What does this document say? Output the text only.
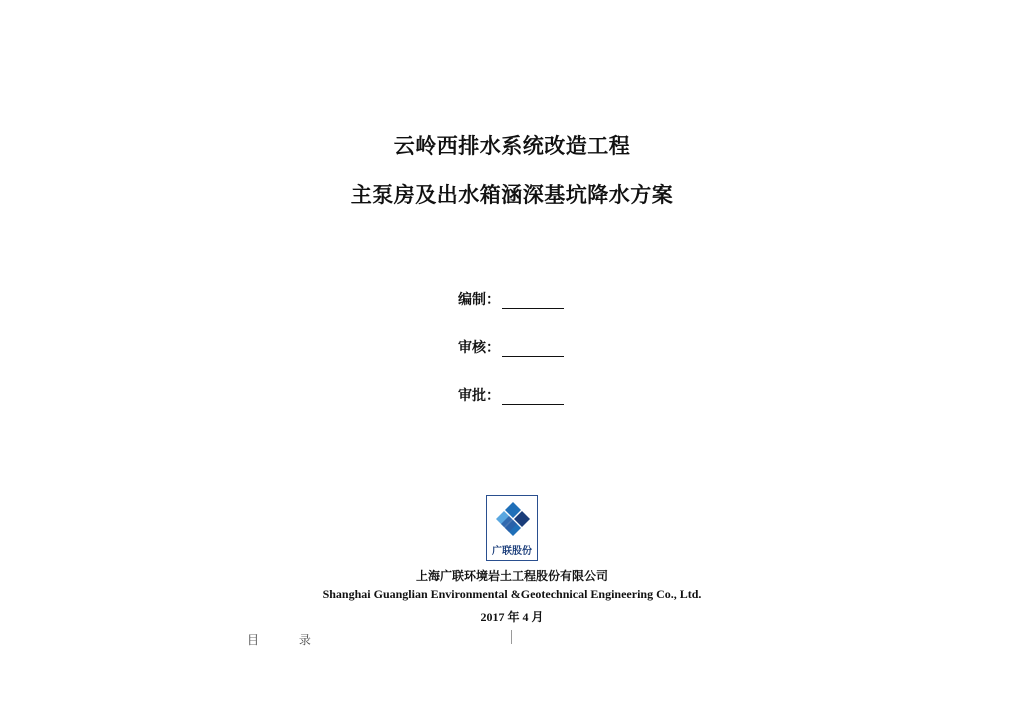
云岭西排水系统改造工程
主泵房及出水箱涵深基坑降水方案
编制：
审核：
审批：
广联股份
上海广联环境岩土工程股份有限公司
Shanghai Guanglian Environmental &Geotechnical Engineering Co., Ltd.
2017 年 4 月
目	录
